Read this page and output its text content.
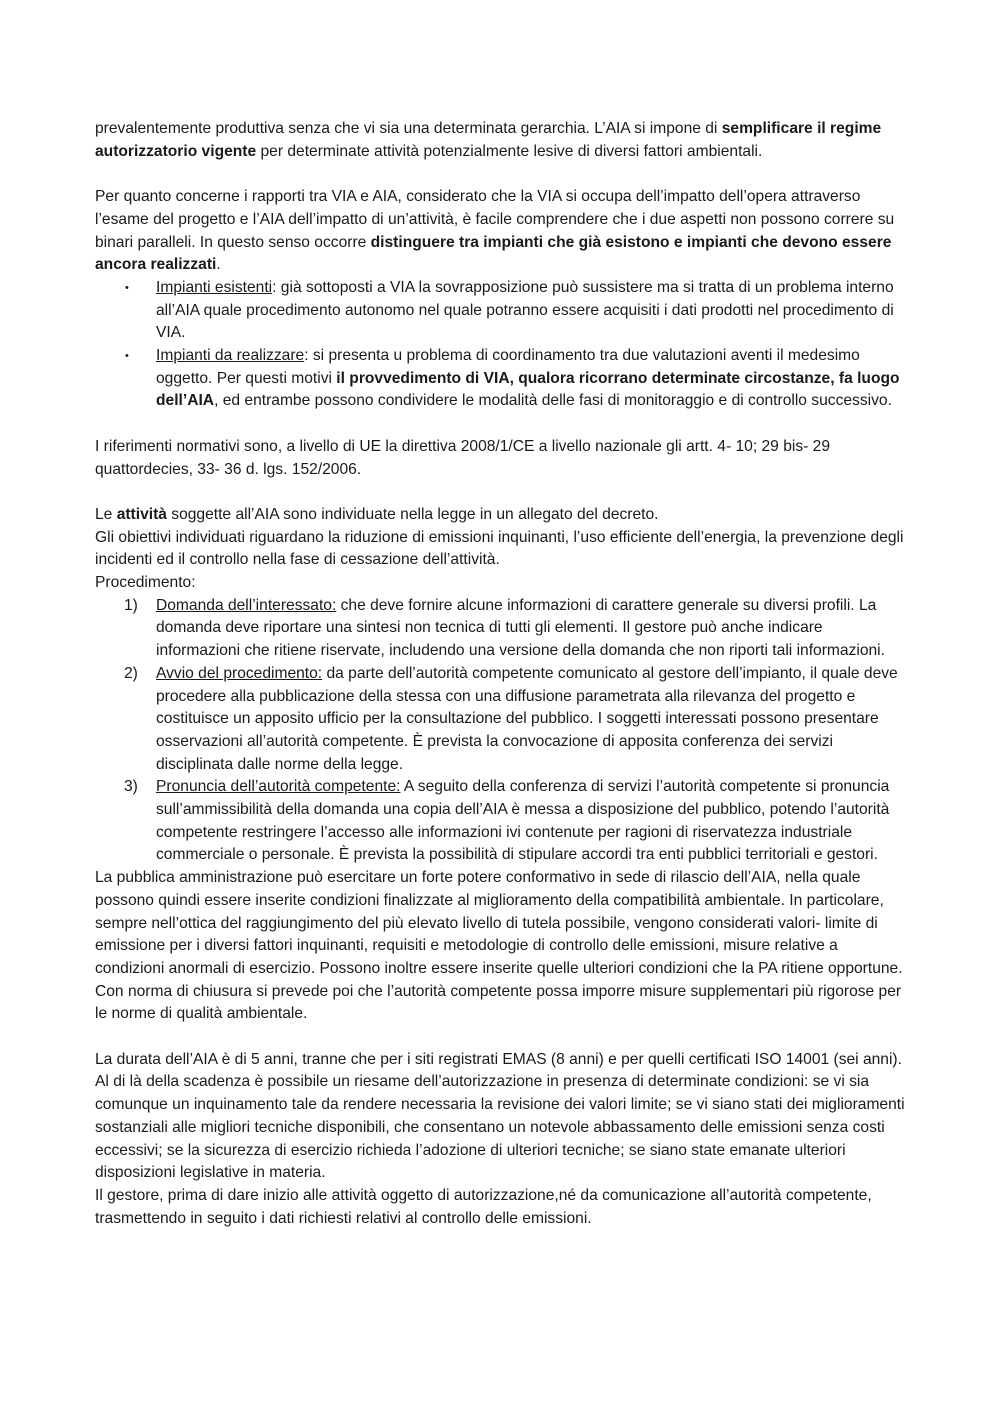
prevalentemente produttiva senza che vi sia una determinata gerarchia. L’AIA si impone di semplificare il regime autorizzatorio vigente per determinate attività potenzialmente lesive di diversi fattori ambientali.

Per quanto concerne i rapporti tra VIA e AIA, considerato che la VIA si occupa dell’impatto dell’opera attraverso l’esame del progetto e l’AIA dell’impatto di un’attività, è facile comprendere che i due aspetti non possono correre su binari paralleli. In questo senso occorre distinguere tra impianti che già esistono e impianti che devono essere ancora realizzati.

• Impianti esistenti: già sottoposti a VIA la sovrapposizione può sussistere ma si tratta di un problema interno all’AIA quale procedimento autonomo nel quale potranno essere acquisiti i dati prodotti nel procedimento di VIA.
• Impianti da realizzare: si presenta u problema di coordinamento tra due valutazioni aventi il medesimo oggetto. Per questi motivi il provvedimento di VIA, qualora ricorrano determinate circostanze, fa luogo dell’AIA, ed entrambe possono condividere le modalità delle fasi di monitoraggio e di controllo successivo.

I riferimenti normativi sono, a livello di UE la direttiva 2008/1/CE a livello nazionale gli artt. 4- 10; 29 bis- 29 quattordecies, 33- 36 d. lgs. 152/2006.

Le attività soggette all’AIA sono individuate nella legge in un allegato del decreto.

Gli obiettivi individuati riguardano la riduzione di emissioni inquinanti, l’uso efficiente dell’energia, la prevenzione degli incidenti ed il controllo nella fase di cessazione dell’attività.

Procedimento:

1) Domanda dell’interessato: che deve fornire alcune informazioni di carattere generale su diversi profili. La domanda deve riportare una sintesi non tecnica di tutti gli elementi. Il gestore può anche indicare informazioni che ritiene riservate, includendo una versione della domanda che non riporti tali informazioni.
2) Avvio del procedimento: da parte dell’autorità competente comunicato al gestore dell’impianto, il quale deve procedere alla pubblicazione della stessa con una diffusione parametrata alla rilevanza del progetto e costituisce un apposito ufficio per la consultazione del pubblico. I soggetti interessati possono presentare osservazioni all’autorità competente. È prevista la convocazione di apposita conferenza dei servizi disciplinata dalle norme della legge.
3) Pronuncia dell’autorità competente: A seguito della conferenza di servizi l’autorità competente si pronuncia sull’ammissibilità della domanda una copia dell’AIA è messa a disposizione del pubblico, potendo l’autorità competente restringere l’accesso alle informazioni ivi contenute per ragioni di riservatezza industriale commerciale o personale. È prevista la possibilità di stipulare accordi tra enti pubblici territoriali e gestori.

La pubblica amministrazione può esercitare un forte potere conformativo in sede di rilascio dell’AIA, nella quale possono quindi essere inserite condizioni finalizzate al miglioramento della compatibilità ambientale. In particolare, sempre nell’ottica del raggiungimento del più elevato livello di tutela possibile, vengono considerati valori- limite di emissione per i diversi fattori inquinanti, requisiti e metodologie di controllo delle emissioni, misure relative a condizioni anormali di esercizio. Possono inoltre essere inserite quelle ulteriori condizioni che la PA ritiene opportune.

Con norma di chiusura si prevede poi che l’autorità competente possa imporre misure supplementari più rigorose per le norme di qualità ambientale.

La durata dell’AIA è di 5 anni, tranne che per i siti registrati EMAS (8 anni) e per quelli certificati ISO 14001 (sei anni). Al di là della scadenza è possibile un riesame dell’autorizzazione in presenza di determinate condizioni: se vi sia comunque un inquinamento tale da rendere necessaria la revisione dei valori limite; se vi siano stati dei miglioramenti sostanziali alle migliori tecniche disponibili, che consentano un notevole abbassamento delle emissioni senza costi eccessivi; se la sicurezza di esercizio richieda l’adozione di ulteriori tecniche; se siano state emanate ulteriori disposizioni legislative in materia.

Il gestore, prima di dare inizio alle attività oggetto di autorizzazione,né da comunicazione all’autorità competente, trasmettendo in seguito i dati richiesti relativi al controllo delle emissioni.
